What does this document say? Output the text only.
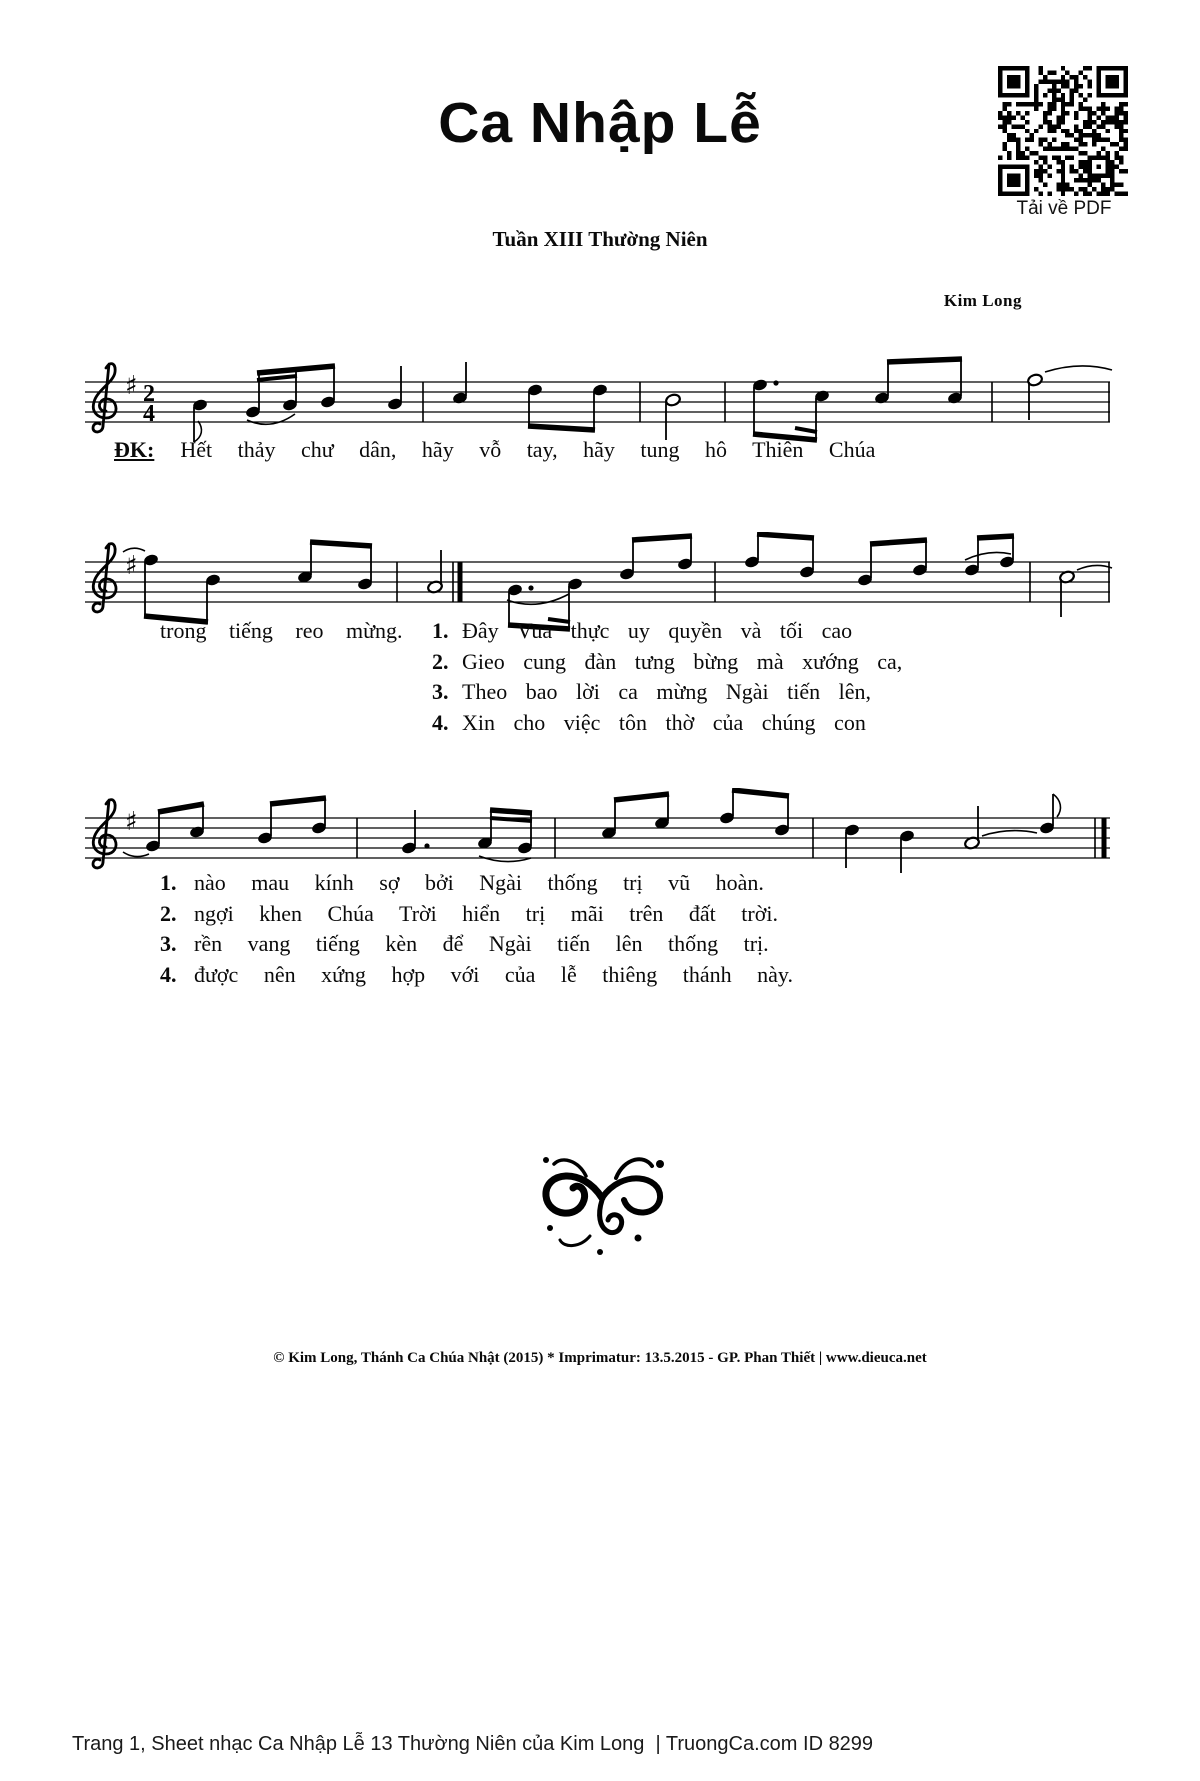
Ca Nhập Lễ
Tải về PDF
Tuần XIII Thường Niên
Kim Long
♯ 2
4
ĐK: Hết thảy chư dân, hãy vỗ tay, hãy tung hô Thiên Chúa
♯
trong tiếng reo mừng.	1. Đây Vua thực uy quyền và tối cao
2. Gieo cung đàn tưng bừng mà xướng ca,
3. Theo bao lời ca mừng Ngài tiến lên,
4. Xin cho việc tôn thờ của chúng con
♯
1. nào mau kính sợ bởi Ngài thống trị vũ hoàn.
2. ngợi khen Chúa Trời hiển trị mãi trên đất trời.
3. rền vang tiếng kèn để Ngài tiến lên thống trị.
4. được nên xứng hợp với của lễ thiêng thánh này.
© Kim Long, Thánh Ca Chúa Nhật (2015) * Imprimatur: 13.5.2015 - GP. Phan Thiết | www.dieuca.net
Trang 1, Sheet nhạc Ca Nhập Lễ 13 Thường Niên của Kim Long  | TruongCa.com ID 8299
